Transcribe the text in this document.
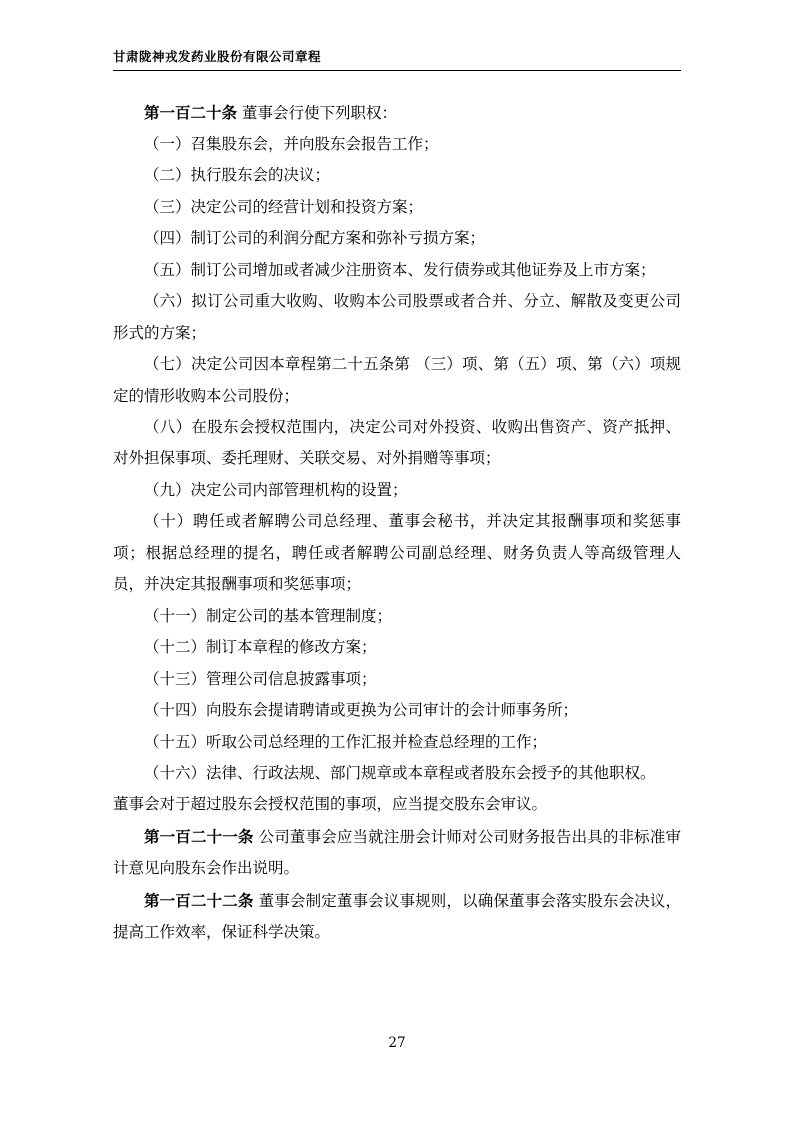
甘肃陇神戎发药业股份有限公司章程

第一百二十条 董事会行使下列职权：

（一）召集股东会，并向股东会报告工作；

（二）执行股东会的决议；

（三）决定公司的经营计划和投资方案；

（四）制订公司的利润分配方案和弥补亏损方案；

（五）制订公司增加或者减少注册资本、发行债券或其他证券及上市方案；

（六）拟订公司重大收购、收购本公司股票或者合并、分立、解散及变更公司形式的方案；

（七）决定公司因本章程第二十五条第 （三）项、第（五）项、第（六）项规定的情形收购本公司股份；

（八）在股东会授权范围内，决定公司对外投资、收购出售资产、资产抵押、对外担保事项、委托理财、关联交易、对外捐赠等事项；

（九）决定公司内部管理机构的设置；

（十）聘任或者解聘公司总经理、董事会秘书，并决定其报酬事项和奖惩事项；根据总经理的提名，聘任或者解聘公司副总经理、财务负责人等高级管理人员，并决定其报酬事项和奖惩事项；

（十一）制定公司的基本管理制度；

（十二）制订本章程的修改方案；

（十三）管理公司信息披露事项；

（十四）向股东会提请聘请或更换为公司审计的会计师事务所；

（十五）听取公司总经理的工作汇报并检查总经理的工作；

（十六）法律、行政法规、部门规章或本章程或者股东会授予的其他职权。

董事会对于超过股东会授权范围的事项，应当提交股东会审议。

第一百二十一条 公司董事会应当就注册会计师对公司财务报告出具的非标准审计意见向股东会作出说明。

第一百二十二条 董事会制定董事会议事规则，以确保董事会落实股东会决议，提高工作效率，保证科学决策。

27
